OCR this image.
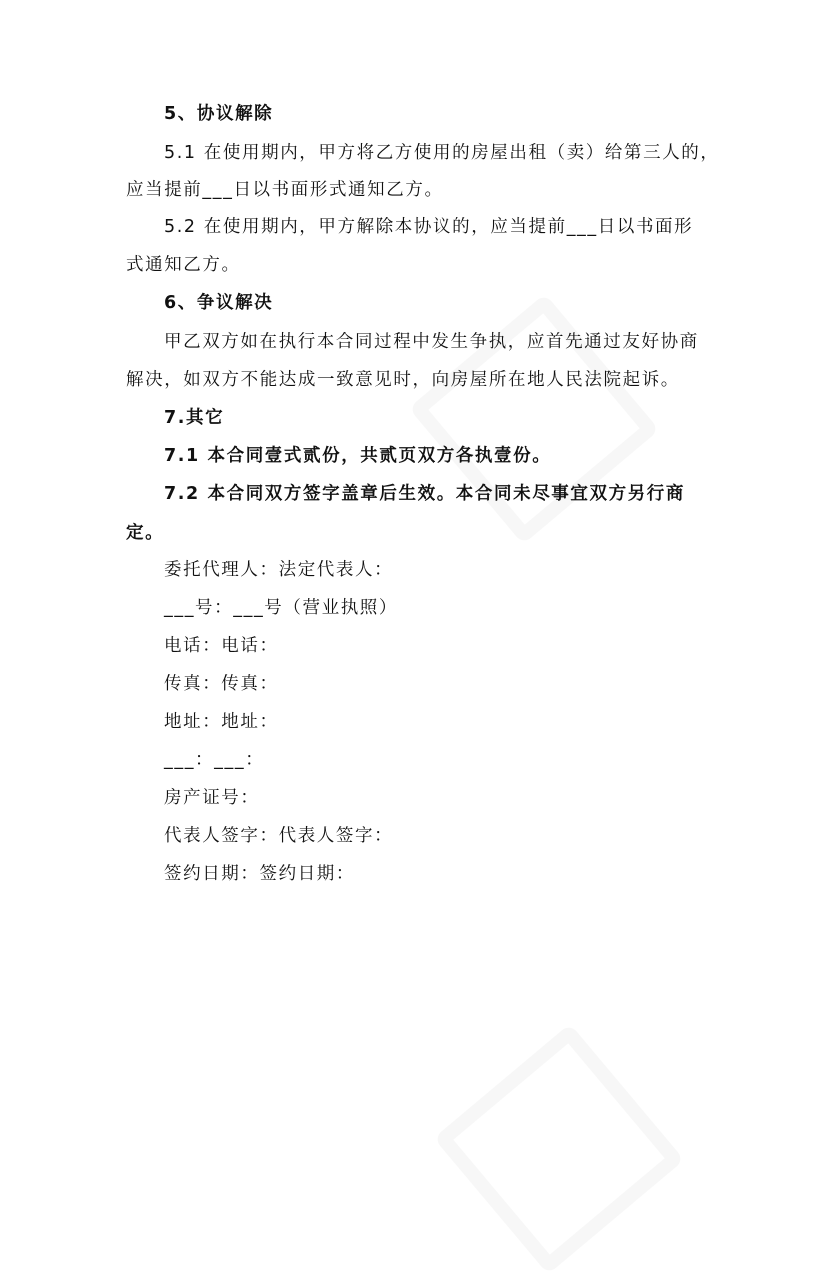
5、协议解除
5.1 在使用期内，甲方将乙方使用的房屋出租（卖）给第三人的，
应当提前___日以书面形式通知乙方。
5.2 在使用期内，甲方解除本协议的，应当提前___日以书面形
式通知乙方。
6、争议解决
甲乙双方如在执行本合同过程中发生争执，应首先通过友好协商
解决，如双方不能达成一致意见时，向房屋所在地人民法院起诉。
7.其它
7.1 本合同壹式贰份，共贰页双方各执壹份。
7.2 本合同双方签字盖章后生效。本合同未尽事宜双方另行商
定。
委托代理人：法定代表人：
___号：___号（营业执照）
电话：电话：
传真：传真：
地址：地址：
___：___：
房产证号：
代表人签字：代表人签字：
签约日期：签约日期：
